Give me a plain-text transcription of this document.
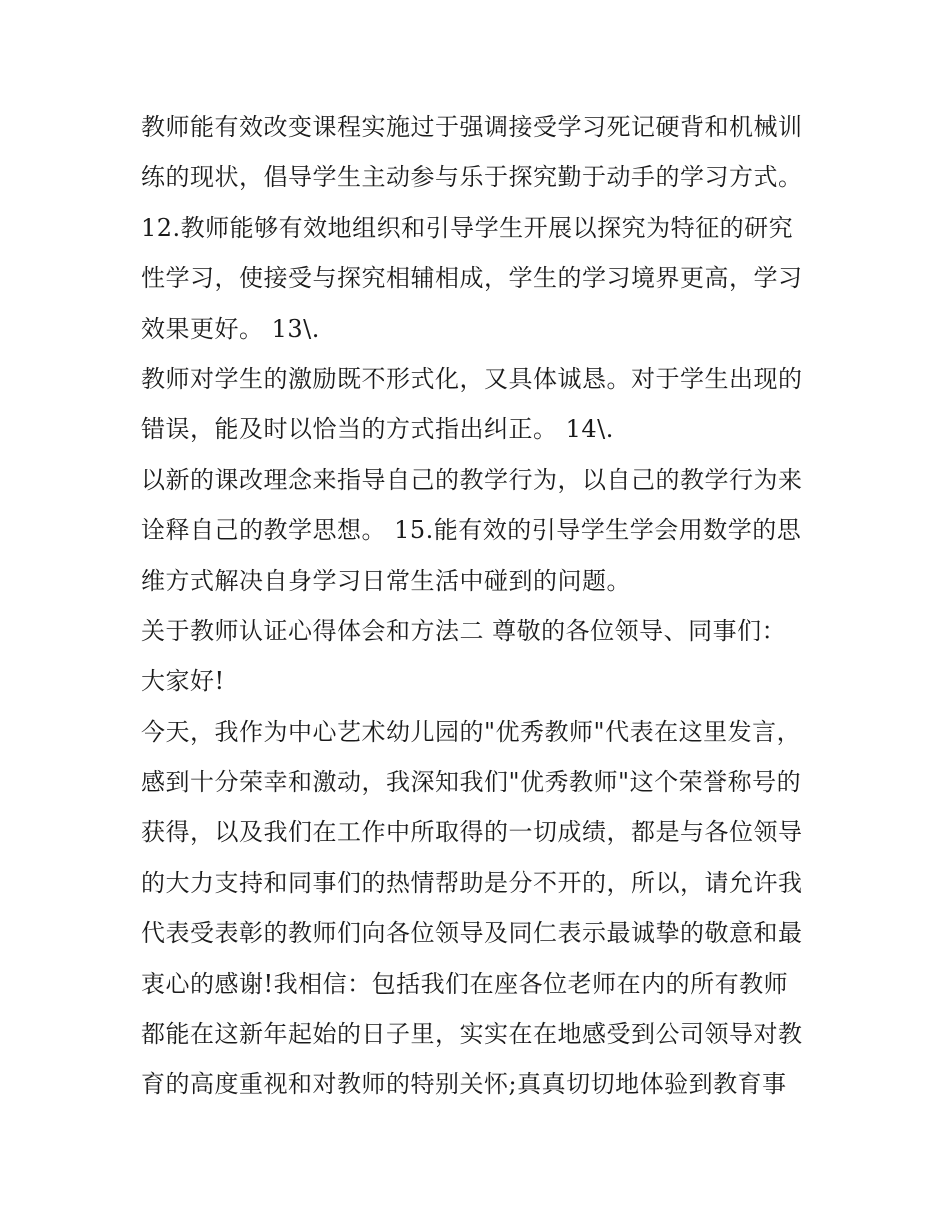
教师能有效改变课程实施过于强调接受学习死记硬背和机械训
练的现状，倡导学生主动参与乐于探究勤于动手的学习方式。
12.教师能够有效地组织和引导学生开展以探究为特征的研究
性学习，使接受与探究相辅相成，学生的学习境界更高，学习
效果更好。 13\.
教师对学生的激励既不形式化，又具体诚恳。对于学生出现的
错误，能及时以恰当的方式指出纠正。 14\.
以新的课改理念来指导自己的教学行为，以自己的教学行为来
诠释自己的教学思想。 15.能有效的引导学生学会用数学的思
维方式解决自身学习日常生活中碰到的问题。
关于教师认证心得体会和方法二 尊敬的各位领导、同事们：
大家好!
今天，我作为中心艺术幼儿园的"优秀教师"代表在这里发言，
感到十分荣幸和激动，我深知我们"优秀教师"这个荣誉称号的
获得，以及我们在工作中所取得的一切成绩，都是与各位领导
的大力支持和同事们的热情帮助是分不开的，所以，请允许我
代表受表彰的教师们向各位领导及同仁表示最诚挚的敬意和最
衷心的感谢!我相信：包括我们在座各位老师在内的所有教师
都能在这新年起始的日子里，实实在在地感受到公司领导对教
育的高度重视和对教师的特别关怀;真真切切地体验到教育事
